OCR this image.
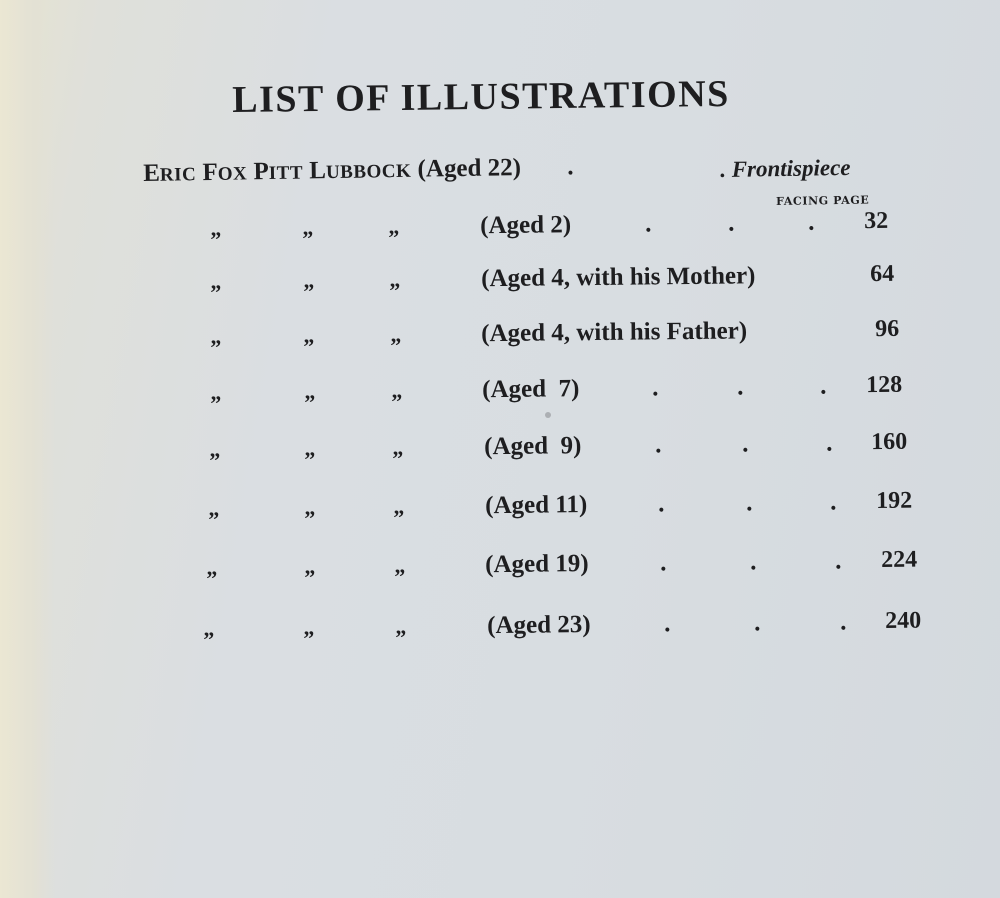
LIST OF ILLUSTRATIONS
ERIC FOX PITT LUBBOCK (Aged 22) .	. Frontispiece
FACING PAGE
”	”	”	(Aged 2)	.	.	. 32
”	”	”	(Aged 4, with his Mother)	64
”	”	”	(Aged 4, with his Father)	96
”	”	”	(Aged  7)	.	.	. 128
”	”	”	(Aged  9)	.	.	. 160
”	”	”	(Aged 11)	.	.	. 192
”	”	”	(Aged 19)	.	.	. 224
”	”	”	(Aged 23)	.	.	. 240
